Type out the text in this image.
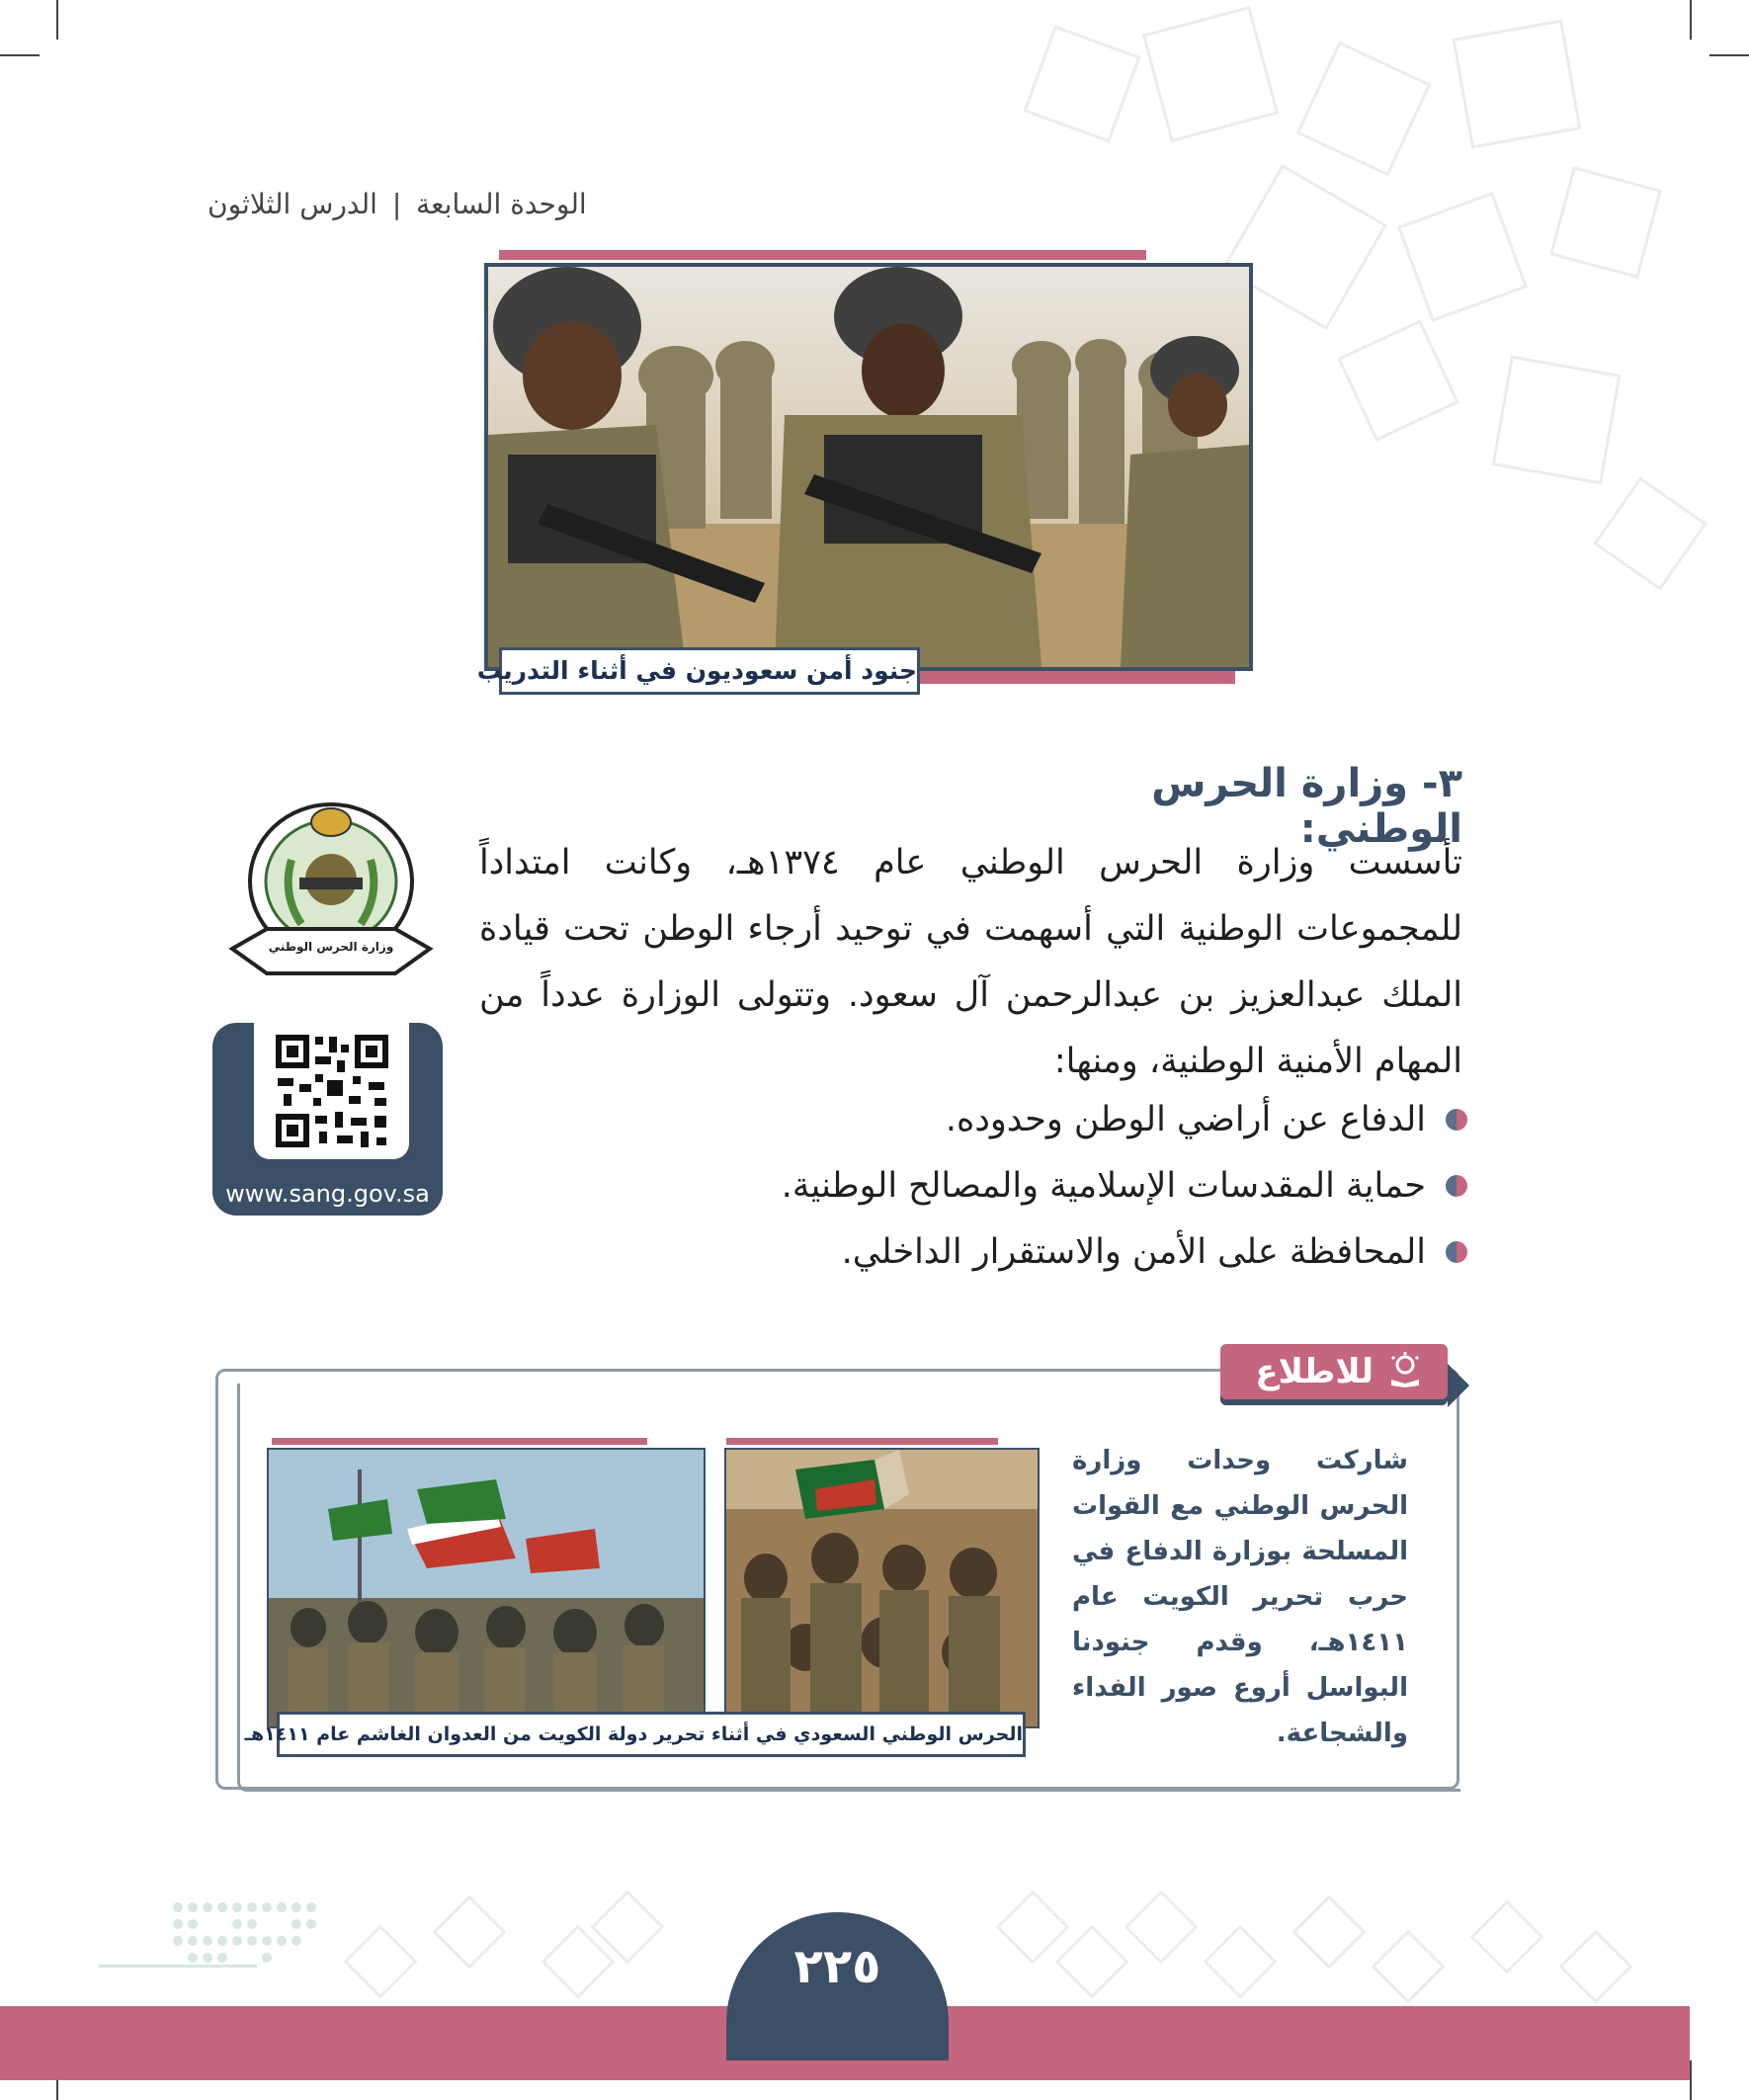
الوحدة السابعة | الدرس الثلاثون
جنود أمن سعوديون في أثناء التدريب
٣- وزارة الحرس الوطني:
تأسست وزارة الحرس الوطني عام ١٣٧٤هـ، وكانت امتداداً للمجموعات الوطنية التي أسهمت في توحيد أرجاء الوطن تحت قيادة الملك عبدالعزيز بن عبدالرحمن آل سعود. وتتولى الوزارة عدداً من المهام الأمنية الوطنية، ومنها:
الدفاع عن أراضي الوطن وحدوده.
حماية المقدسات الإسلامية والمصالح الوطنية.
المحافظة على الأمن والاستقرار الداخلي.
وزارة الحرس الوطني
www.sang.gov.sa
للاطلاع
شاركت وحدات وزارة الحرس الوطني مع القوات المسلحة بوزارة الدفاع في حرب تحرير الكويت عام ١٤١١هـ، وقدم جنودنا البواسل أروع صور الفداء والشجاعة.
الحرس الوطني السعودي في أثناء تحرير دولة الكويت من العدوان الغاشم عام ١٤١١هـ
وزارة التعليم
٢٢٥
